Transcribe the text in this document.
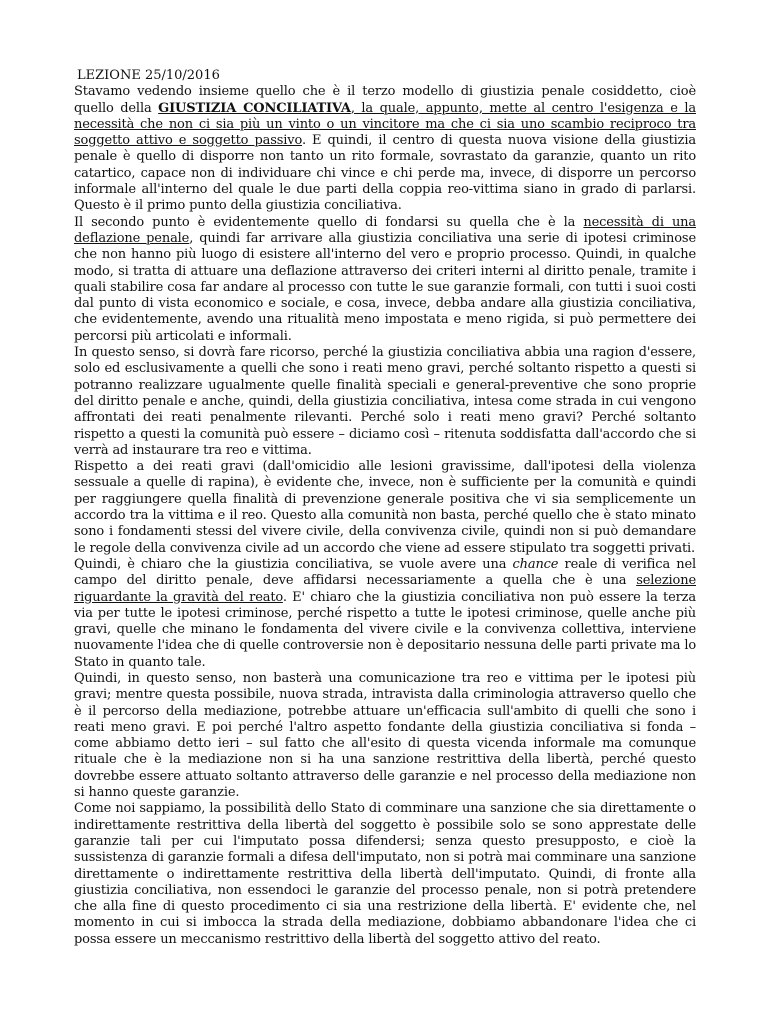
LEZIONE 25/10/2016

Stavamo vedendo insieme quello che è il terzo modello di giustizia penale cosiddetto, cioè quello della GIUSTIZIA CONCILIATIVA, la quale, appunto, mette al centro l'esigenza e la necessità che non ci sia più un vinto o un vincitore ma che ci sia uno scambio reciproco tra soggetto attivo e soggetto passivo. E quindi, il centro di questa nuova visione della giustizia penale è quello di disporre non tanto un rito formale, sovrastato da garanzie, quanto un rito catartico, capace non di individuare chi vince e chi perde ma, invece, di disporre un percorso informale all'interno del quale le due parti della coppia reo-vittima siano in grado di parlarsi. Questo è il primo punto della giustizia conciliativa.

Il secondo punto è evidentemente quello di fondarsi su quella che è la necessità di una deflazione penale, quindi far arrivare alla giustizia conciliativa una serie di ipotesi criminose che non hanno più luogo di esistere all'interno del vero e proprio processo. Quindi, in qualche modo, si tratta di attuare una deflazione attraverso dei criteri interni al diritto penale, tramite i quali stabilire cosa far andare al processo con tutte le sue garanzie formali, con tutti i suoi costi dal punto di vista economico e sociale, e cosa, invece, debba andare alla giustizia conciliativa, che evidentemente, avendo una ritualità meno impostata e meno rigida, si può permettere dei percorsi più articolati e informali.

In questo senso, si dovrà fare ricorso, perché la giustizia conciliativa abbia una ragion d'essere, solo ed esclusivamente a quelli che sono i reati meno gravi, perché soltanto rispetto a questi si potranno realizzare ugualmente quelle finalità speciali e general-preventive che sono proprie del diritto penale e anche, quindi, della giustizia conciliativa, intesa come strada in cui vengono affrontati dei reati penalmente rilevanti. Perché solo i reati meno gravi? Perché soltanto rispetto a questi la comunità può essere – diciamo così – ritenuta soddisfatta dall'accordo che si verrà ad instaurare tra reo e vittima.

Rispetto a dei reati gravi (dall'omicidio alle lesioni gravissime, dall'ipotesi della violenza sessuale a quelle di rapina), è evidente che, invece, non è sufficiente per la comunità e quindi per raggiungere quella finalità di prevenzione generale positiva che vi sia semplicemente un accordo tra la vittima e il reo. Questo alla comunità non basta, perché quello che è stato minato sono i fondamenti stessi del vivere civile, della convivenza civile, quindi non si può demandare le regole della convivenza civile ad un accordo che viene ad essere stipulato tra soggetti privati.

Quindi, è chiaro che la giustizia conciliativa, se vuole avere una chance reale di verifica nel campo del diritto penale, deve affidarsi necessariamente a quella che è una selezione riguardante la gravità del reato. E' chiaro che la giustizia conciliativa non può essere la terza via per tutte le ipotesi criminose, perché rispetto a tutte le ipotesi criminose, quelle anche più gravi, quelle che minano le fondamenta del vivere civile e la convivenza collettiva, interviene nuovamente l'idea che di quelle controversie non è depositario nessuna delle parti private ma lo Stato in quanto tale.

Quindi, in questo senso, non basterà una comunicazione tra reo e vittima per le ipotesi più gravi; mentre questa possibile, nuova strada, intravista dalla criminologia attraverso quello che è il percorso della mediazione, potrebbe attuare un'efficacia sull'ambito di quelli che sono i reati meno gravi. E poi perché l'altro aspetto fondante della giustizia conciliativa si fonda – come abbiamo detto ieri – sul fatto che all'esito di questa vicenda informale ma comunque rituale che è la mediazione non si ha una sanzione restrittiva della libertà, perché questo dovrebbe essere attuato soltanto attraverso delle garanzie e nel processo della mediazione non si hanno queste garanzie.

Come noi sappiamo, la possibilità dello Stato di comminare una sanzione che sia direttamente o indirettamente restrittiva della libertà del soggetto è possibile solo se sono apprestate delle garanzie tali per cui l'imputato possa difendersi; senza questo presupposto, e cioè la sussistenza di garanzie formali a difesa dell'imputato, non si potrà mai comminare una sanzione direttamente o indirettamente restrittiva della libertà dell'imputato. Quindi, di fronte alla giustizia conciliativa, non essendoci le garanzie del processo penale, non si potrà pretendere che alla fine di questo procedimento ci sia una restrizione della libertà. E' evidente che, nel momento in cui si imbocca la strada della mediazione, dobbiamo abbandonare l'idea che ci possa essere un meccanismo restrittivo della libertà del soggetto attivo del reato.
